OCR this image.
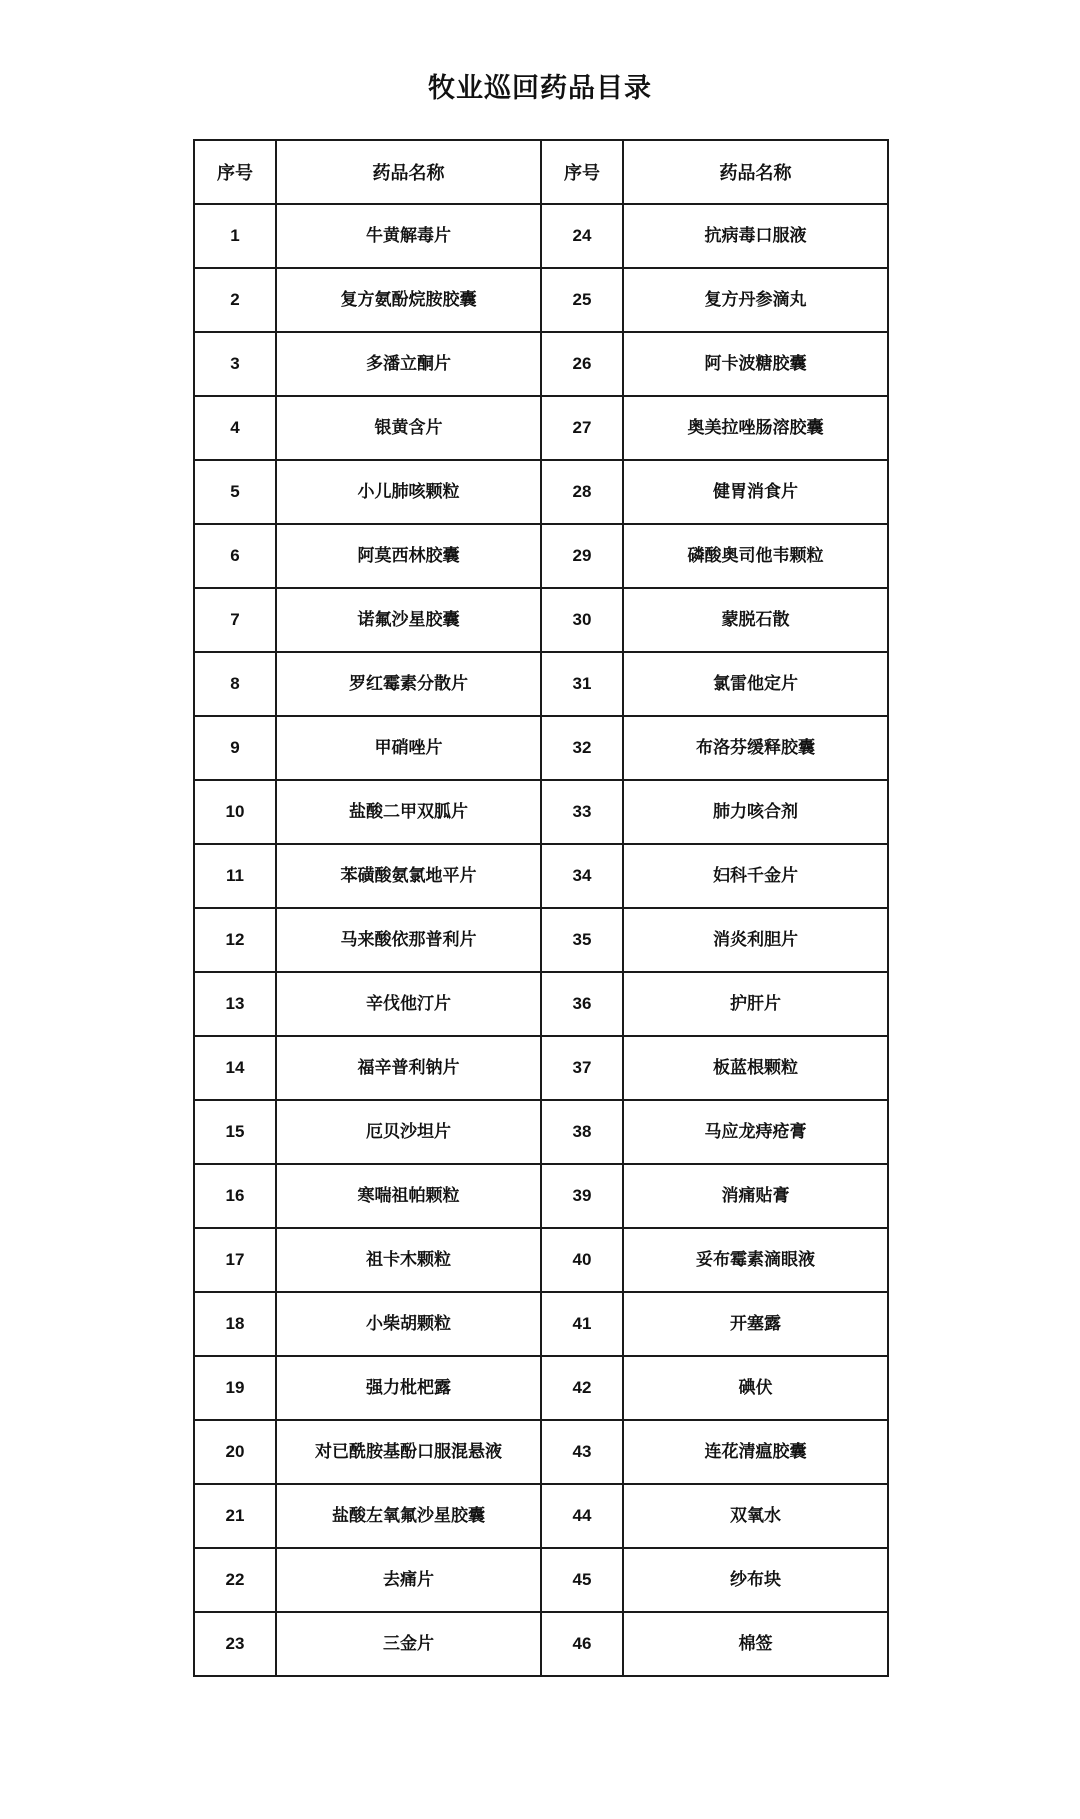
牧业巡回药品目录
序号	药品名称	序号	药品名称

1	牛黄解毒片	24	抗病毒口服液

2	复方氨酚烷胺胶囊	25	复方丹参滴丸

3	多潘立酮片	26	阿卡波糖胶囊

4	银黄含片	27	奥美拉唑肠溶胶囊

5	小儿肺咳颗粒	28	健胃消食片

6	阿莫西林胶囊	29	磷酸奥司他韦颗粒

7	诺氟沙星胶囊	30	蒙脱石散

8	罗红霉素分散片	31	氯雷他定片

9	甲硝唑片	32	布洛芬缓释胶囊

10	盐酸二甲双胍片	33	肺力咳合剂

11	苯磺酸氨氯地平片	34	妇科千金片

12	马来酸依那普利片	35	消炎利胆片

13	辛伐他汀片	36	护肝片

14	福辛普利钠片	37	板蓝根颗粒

15	厄贝沙坦片	38	马应龙痔疮膏

16	寒喘祖帕颗粒	39	消痛贴膏

17	祖卡木颗粒	40	妥布霉素滴眼液

18	小柴胡颗粒	41	开塞露

19	强力枇杷露	42	碘伏

20	对已酰胺基酚口服混悬液	43	连花清瘟胶囊

21	盐酸左氧氟沙星胶囊	44	双氧水

22	去痛片	45	纱布块

23	三金片	46	棉签
